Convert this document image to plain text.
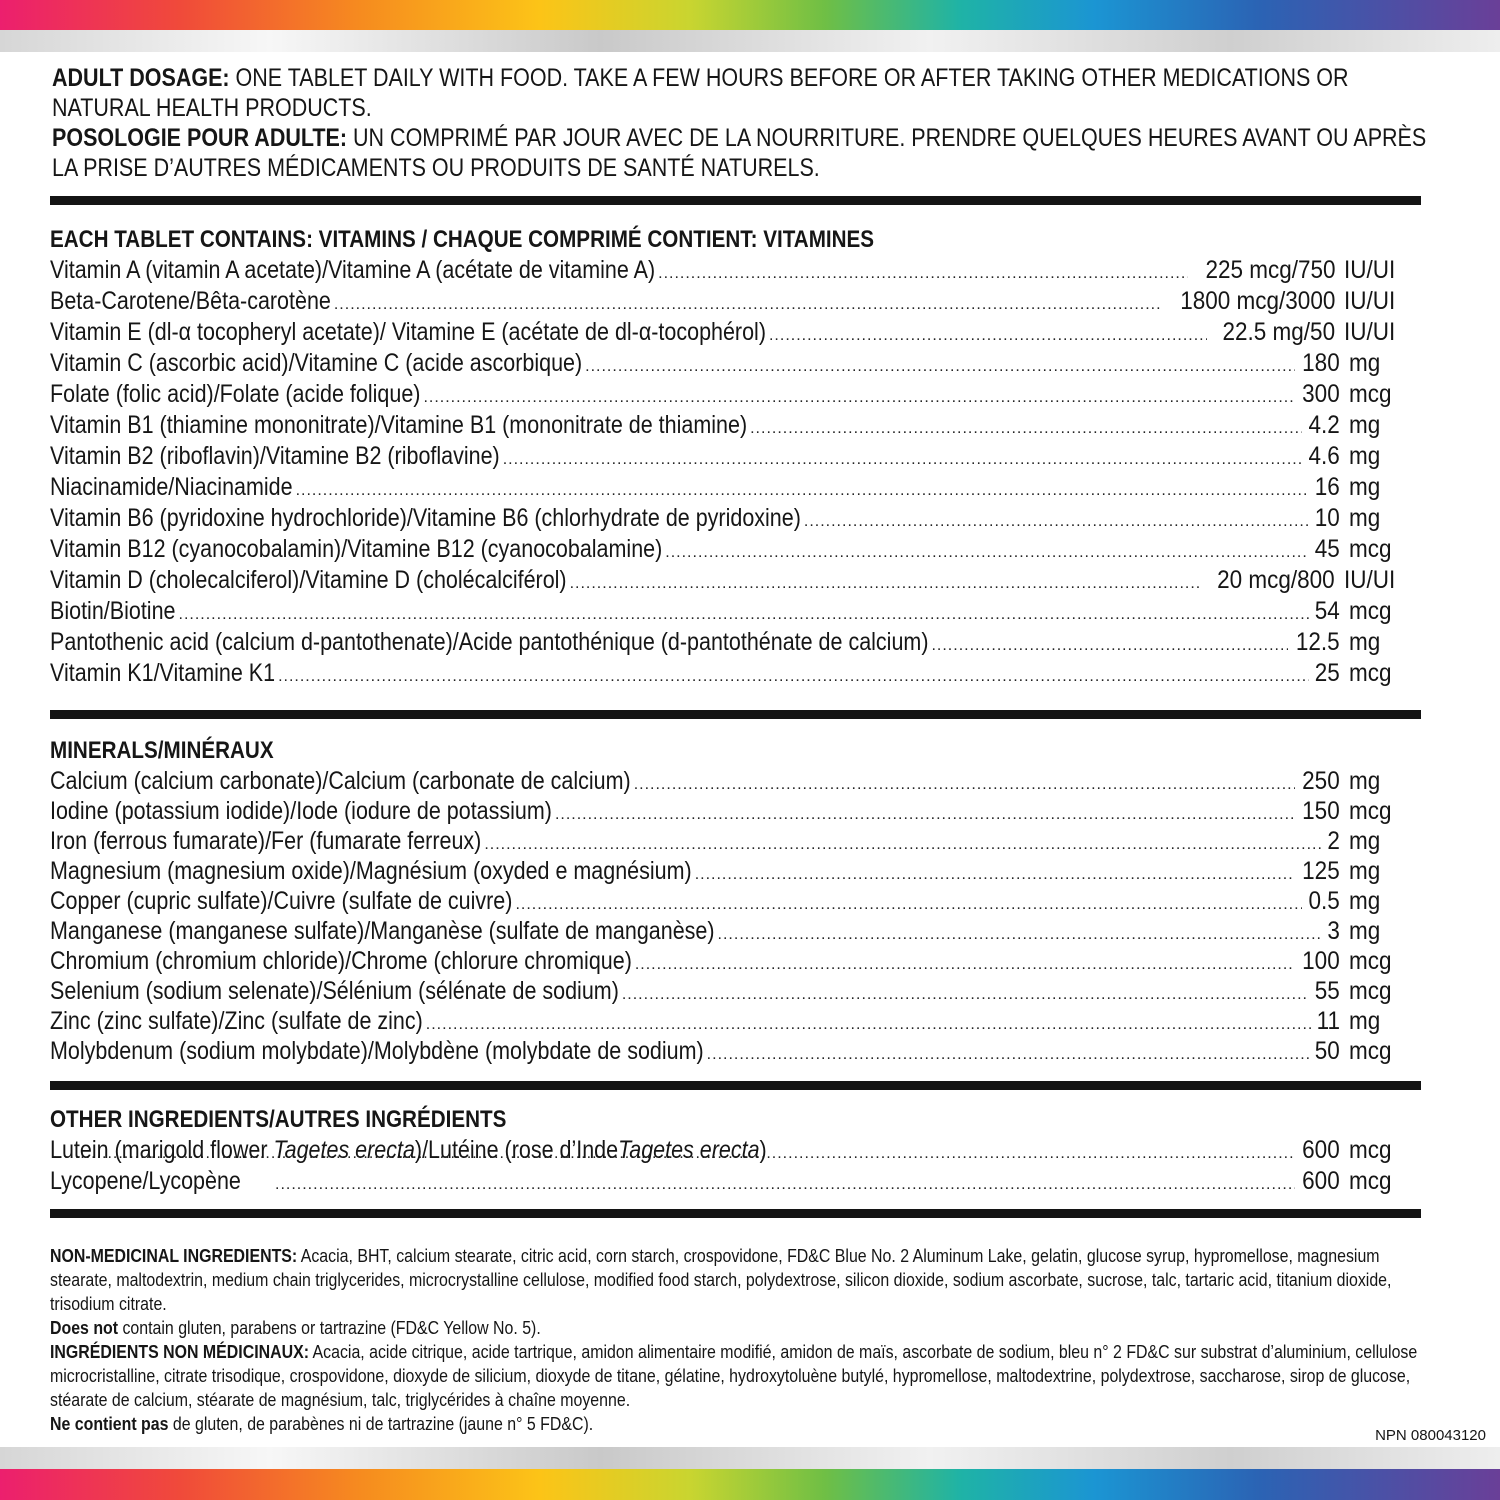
ADULT DOSAGE: ONE TABLET DAILY WITH FOOD. TAKE A FEW HOURS BEFORE OR AFTER TAKING OTHER MEDICATIONS OR NATURAL HEALTH PRODUCTS.

POSOLOGIE POUR ADULTE: UN COMPRIMÉ PAR JOUR AVEC DE LA NOURRITURE. PRENDRE QUELQUES HEURES AVANT OU APRÈS LA PRISE D’AUTRES MÉDICAMENTS OU PRODUITS DE SANTÉ NATURELS.

EACH TABLET CONTAINS: VITAMINS / CHAQUE COMPRIMÉ CONTIENT: VITAMINES
Vitamin A (vitamin A acetate)/Vitamine A (acétate de vitamine A) .....	225 mcg/750 IU/UI
Beta-Carotene/Bêta-carotène .....	1800 mcg/3000 IU/UI
Vitamin E (dl-α tocopheryl acetate)/ Vitamine E (acétate de dl-α-tocophérol) .....	22.5 mg/50 IU/UI
Vitamin C (ascorbic acid)/Vitamine C (acide ascorbique) .....	180 mg
Folate (folic acid)/Folate (acide folique) .....	300 mcg
Vitamin B1 (thiamine mononitrate)/Vitamine B1 (mononitrate de thiamine) .....	4.2 mg
Vitamin B2 (riboflavin)/Vitamine B2 (riboflavine) .....	4.6 mg
Niacinamide/Niacinamide .....	16 mg
Vitamin B6 (pyridoxine hydrochloride)/Vitamine B6 (chlorhydrate de pyridoxine) .....	10 mg
Vitamin B12 (cyanocobalamin)/Vitamine B12 (cyanocobalamine) .....	45 mcg
Vitamin D (cholecalciferol)/Vitamine D (cholécalciférol) .....	20 mcg/800 IU/UI
Biotin/Biotine .....	54 mcg
Pantothenic acid (calcium d-pantothenate)/Acide pantothénique (d-pantothénate de calcium) .....	12.5 mg
Vitamin K1/Vitamine K1 .....	25 mcg
MINERALS/MINÉRAUX
Calcium (calcium carbonate)/Calcium (carbonate de calcium) .....	250 mg
Iodine (potassium iodide)/Iode (iodure de potassium) .....	150 mcg
Iron (ferrous fumarate)/Fer (fumarate ferreux) .....	2 mg
Magnesium (magnesium oxide)/Magnésium (oxyded e magnésium) .....	125 mg
Copper (cupric sulfate)/Cuivre (sulfate de cuivre) .....	0.5 mg
Manganese (manganese sulfate)/Manganèse (sulfate de manganèse) .....	3 mg
Chromium (chromium chloride)/Chrome (chlorure chromique) .....	100 mcg
Selenium (sodium selenate)/Sélénium (sélénate de sodium) .....	55 mcg
Zinc (zinc sulfate)/Zinc (sulfate de zinc) .....	11 mg
Molybdenum (sodium molybdate)/Molybdène (molybdate de sodium) .....	50 mcg
OTHER INGREDIENTS/AUTRES INGRÉDIENTS
Lutein (marigold flower Tagetes erecta)/Lutéine (rose d’IndeTagetes erecta) .....	600 mcg
Lycopene/Lycopène .....	600 mcg

NON-MEDICINAL INGREDIENTS: Acacia, BHT, calcium stearate, citric acid, corn starch, crospovidone, FD&C Blue No. 2 Aluminum Lake, gelatin, glucose syrup, hypromellose, magnesium stearate, maltodextrin, medium chain triglycerides, microcrystalline cellulose, modified food starch, polydextrose, silicon dioxide, sodium ascorbate, sucrose, talc, tartaric acid, titanium dioxide, trisodium citrate.

Does not contain gluten, parabens or tartrazine (FD&C Yellow No. 5).

INGRÉDIENTS NON MÉDICINAUX: Acacia, acide citrique, acide tartrique, amidon alimentaire modifié, amidon de maïs, ascorbate de sodium, bleu n° 2 FD&C sur substrat d’aluminium, cellulose microcristalline, citrate trisodique, crospovidone, dioxyde de silicium, dioxyde de titane, gélatine, hydroxytoluène butylé, hypromellose, maltodextrine, polydextrose, saccharose, sirop de glucose, stéarate de calcium, stéarate de magnésium, talc, triglycérides à chaîne moyenne.

Ne contient pas de gluten, de parabènes ni de tartrazine (jaune n° 5 FD&C).

NPN 080043120
